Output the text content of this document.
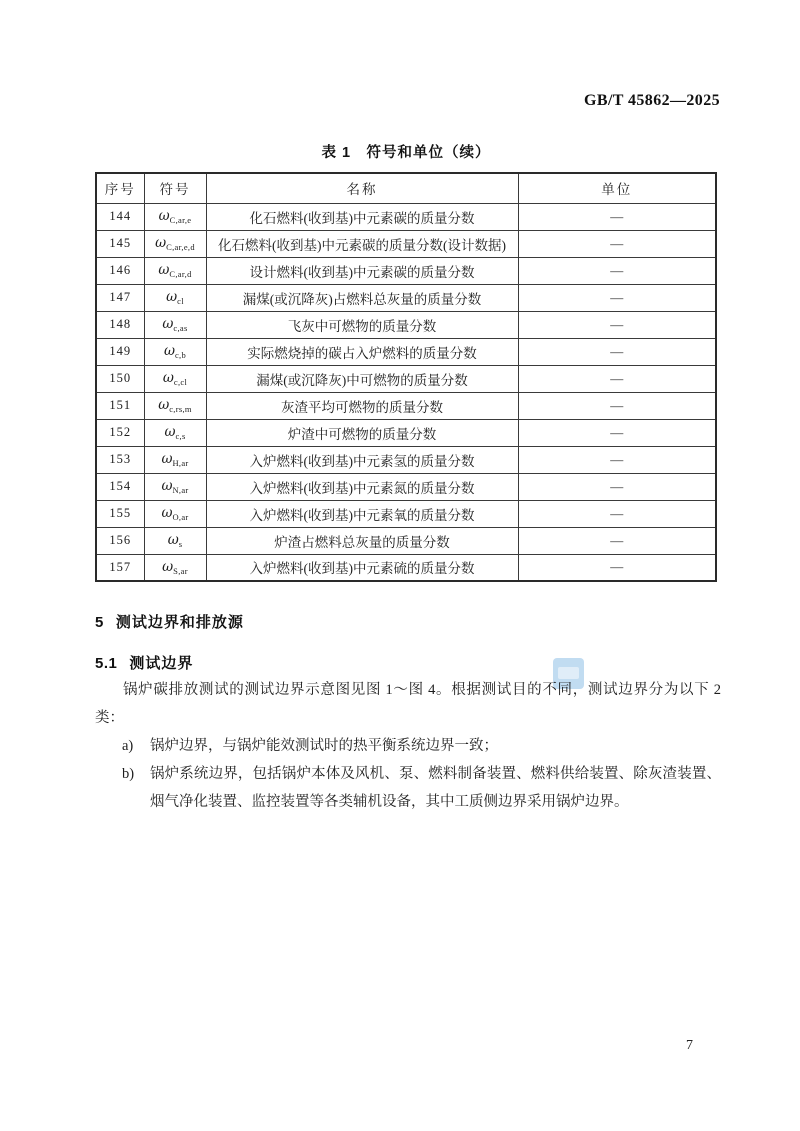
GB/T 45862—2025
表 1　符号和单位（续）
序号	符号	名称	单位
144	$\omega_{C,ar,e}$	化石燃料(收到基)中元素碳的质量分数	—
145	$\omega_{C,ar,e,d}$	化石燃料(收到基)中元素碳的质量分数(设计数据)	—
146	$\omega_{C,ar,d}$	设计燃料(收到基)中元素碳的质量分数	—
147	$\omega_{cl}$	漏煤(或沉降灰)占燃料总灰量的质量分数	—
148	$\omega_{c,as}$	飞灰中可燃物的质量分数	—
149	$\omega_{c,b}$	实际燃烧掉的碳占入炉燃料的质量分数	—
150	$\omega_{c,cl}$	漏煤(或沉降灰)中可燃物的质量分数	—
151	$\omega_{c,rs,m}$	灰渣平均可燃物的质量分数	—
152	$\omega_{c,s}$	炉渣中可燃物的质量分数	—
153	$\omega_{H,ar}$	入炉燃料(收到基)中元素氢的质量分数	—
154	$\omega_{N,ar}$	入炉燃料(收到基)中元素氮的质量分数	—
155	$\omega_{O,ar}$	入炉燃料(收到基)中元素氧的质量分数	—
156	$\omega_s$	炉渣占燃料总灰量的质量分数	—
157	$\omega_{S,ar}$	入炉燃料(收到基)中元素硫的质量分数	—
5 测试边界和排放源
5.1 测试边界
锅炉碳排放测试的测试边界示意图见图 1～图 4。根据测试目的不同，测试边界分为以下 2 类：
a)	锅炉边界，与锅炉能效测试时的热平衡系统边界一致；
b)	锅炉系统边界，包括锅炉本体及风机、泵、燃料制备装置、燃料供给装置、除灰渣装置、烟气净化装置、监控装置等各类辅机设备，其中工质侧边界采用锅炉边界。
7
